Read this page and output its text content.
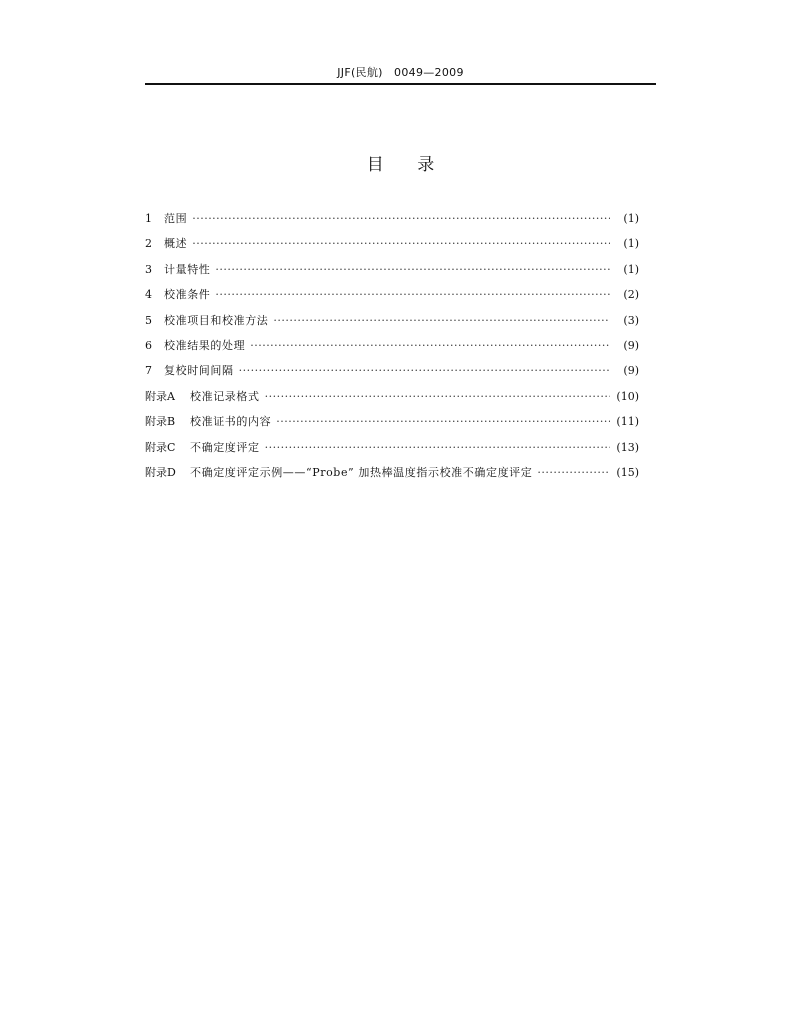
JJF(民航)　0049—2009
目 录
1	范围 ·····	(1)
2	概述 ·····	(1)
3	计量特性 ·····	(1)
4	校准条件 ·····	(2)
5	校准项目和校准方法 ·····	(3)
6	校准结果的处理 ·····	(9)
7	复校时间间隔 ·····	(9)
附录A	校准记录格式 ·····	(10)
附录B	校准证书的内容 ·····	(11)
附录C	不确定度评定 ·····	(13)
附录D	不确定度评定示例——“Probe” 加热棒温度指示校准不确定度评定 ·····	(15)
